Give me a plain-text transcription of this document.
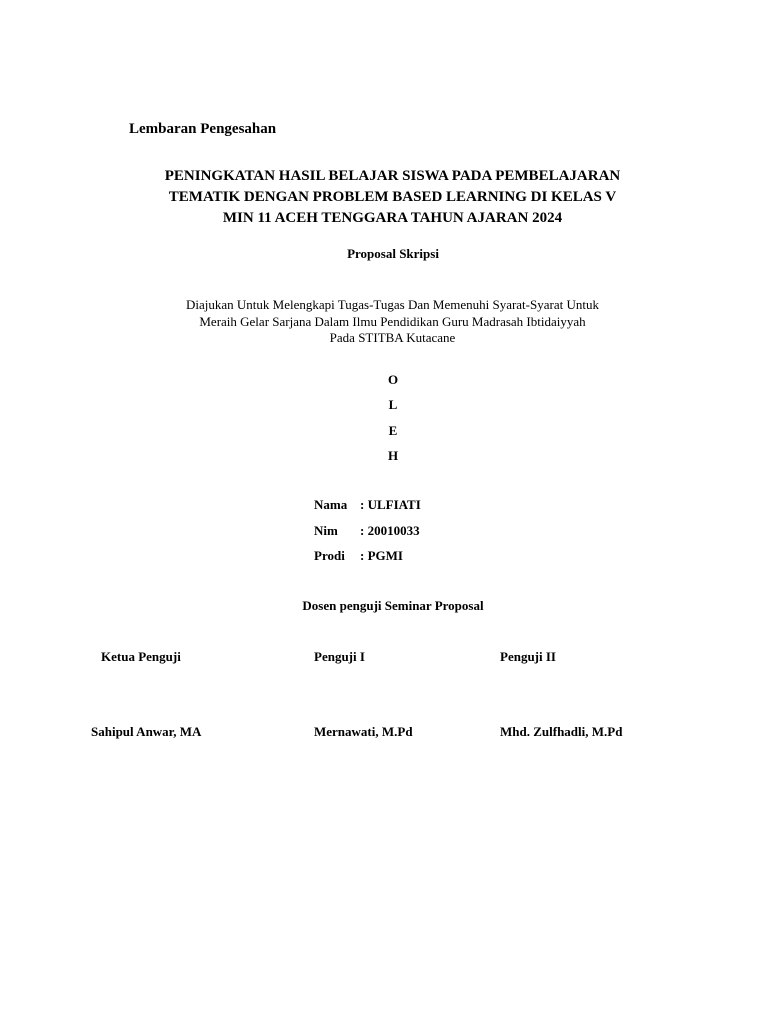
Lembaran Pengesahan
PENINGKATAN HASIL BELAJAR SISWA PADA PEMBELAJARAN
TEMATIK DENGAN PROBLEM BASED LEARNING DI KELAS V
MIN 11 ACEH TENGGARA TAHUN AJARAN 2024
Proposal Skripsi
Diajukan Untuk Melengkapi Tugas-Tugas Dan Memenuhi Syarat-Syarat Untuk
Meraih Gelar Sarjana Dalam Ilmu Pendidikan Guru Madrasah Ibtidaiyyah
Pada STITBA Kutacane
O
L
E
H
Nama : ULFIATI
Nim : 20010033
Prodi : PGMI
Dosen penguji Seminar Proposal
Ketua Penguji	Penguji I	Penguji II
Sahipul Anwar, MA	Mernawati, M.Pd	Mhd. Zulfhadli, M.Pd
